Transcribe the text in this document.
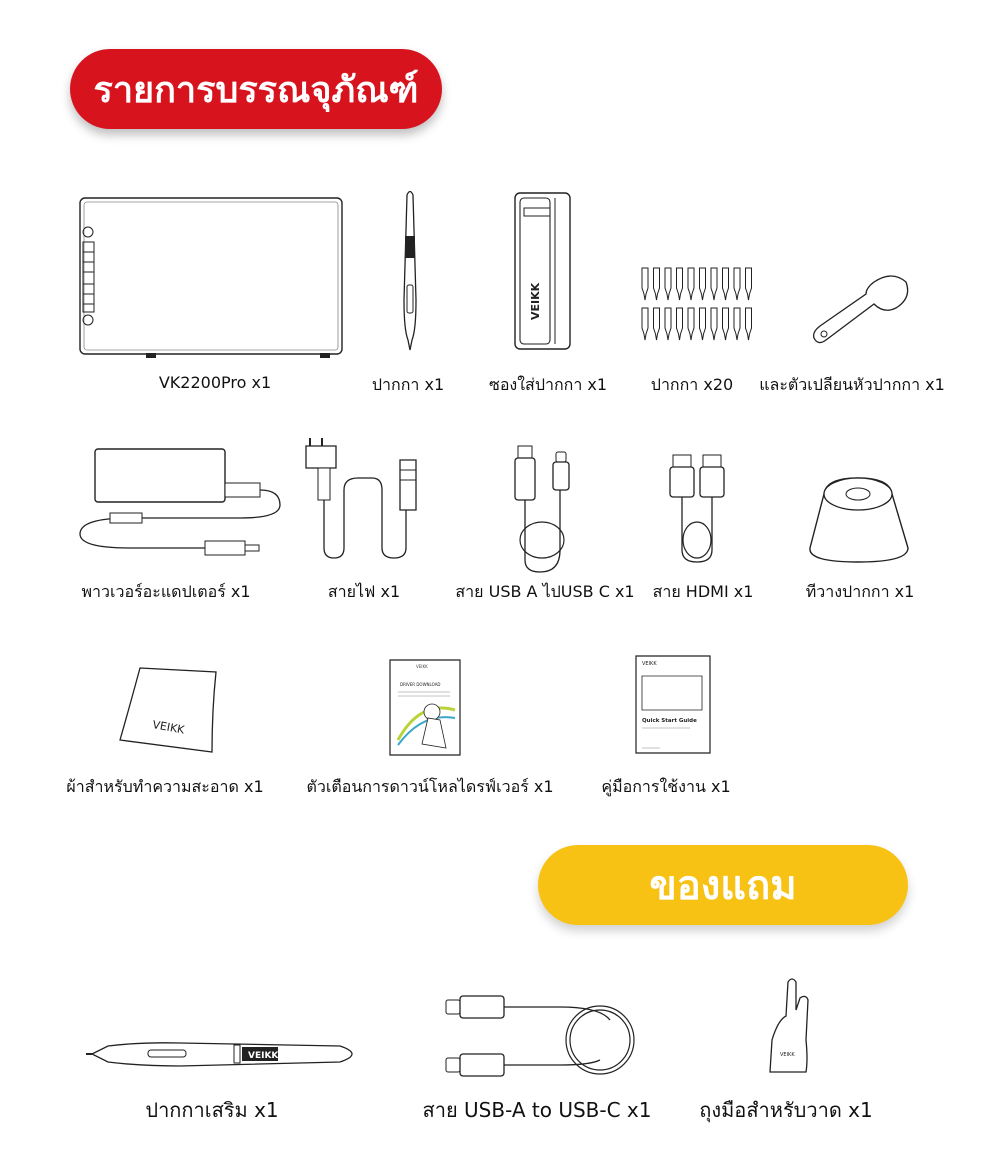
รายการบรรณจุภัณฑ์
VK2200Pro x1	ปากกา x1
VEIKK
ซองใส่ปากกา x1	ปากกา x20 และตัวเปลียนหัวปากกา x1
พาวเวอร์อะแดปเตอร์ x1	สายไฟ x1	สาย USB A ไปUSB C x1 สาย HDMI x1	ทีวางปากกา x1
VEIKK
ผ้าสำหรับทำความสะอาด x1
VEIKK
DRIVER DOWNLOAD
ตัวเตือนการดาวน์โหลไดรฟ์เวอร์ x1
VEIKK
Quick Start Guide
คู่มือการใช้งาน x1
ของแถม
VEIKK
ปากกาเสริม x1	สาย USB-A to USB-C x1
VEIKK
ถุงมือสำหรับวาด x1
